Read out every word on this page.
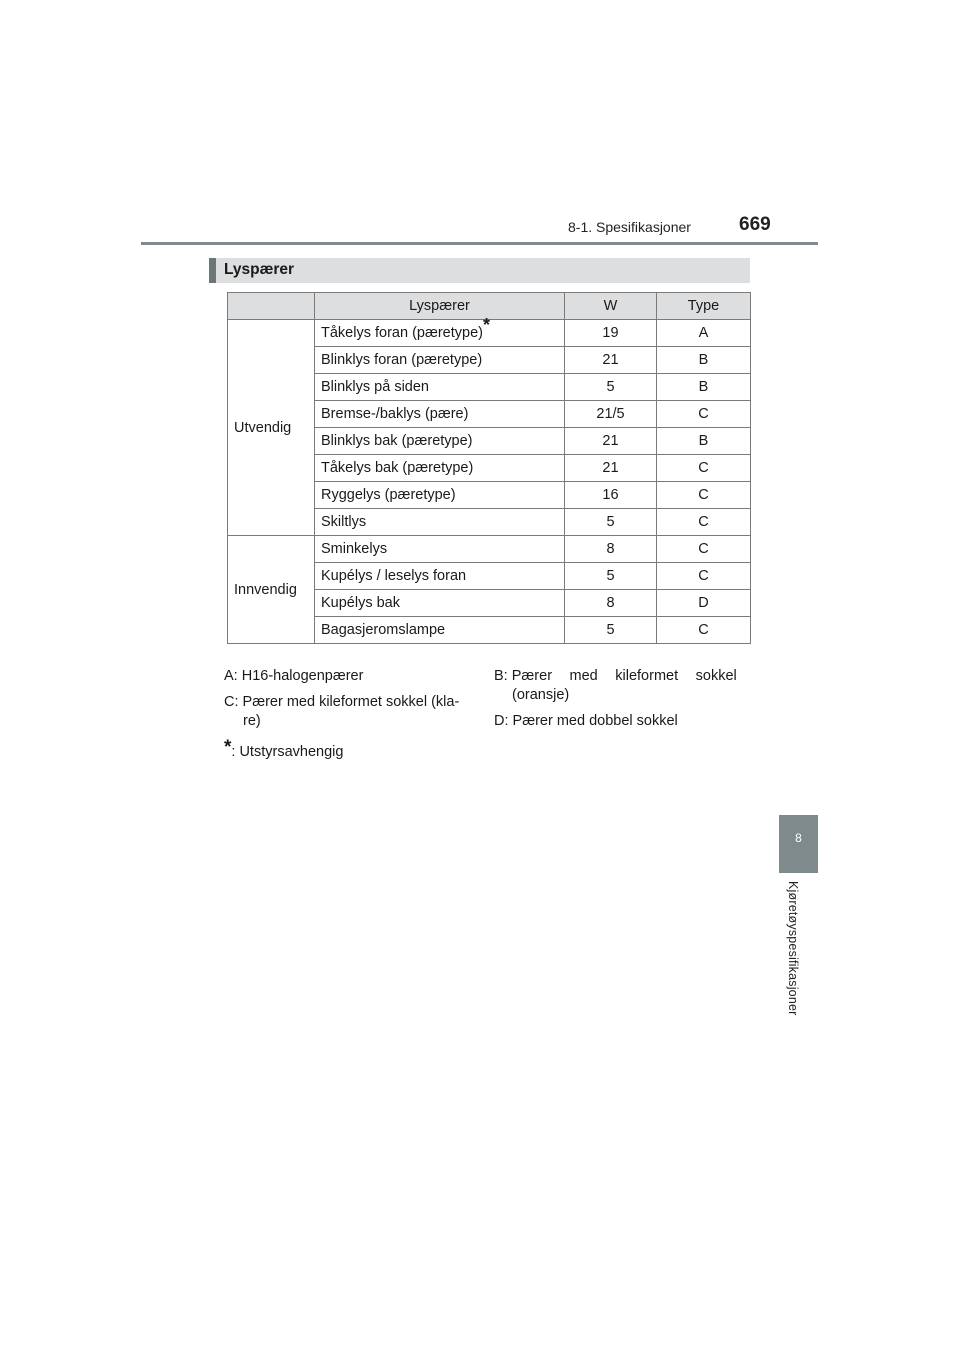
8-1. Spesifikasjoner	669
Lyspærer
	Lyspærer	W	Type
Utvendig	Tåkelys foran (pæretype)*	19	A
	Blinklys foran (pæretype)	21	B
	Blinklys på siden	5	B
	Bremse-/baklys (pære)	21/5	C
	Blinklys bak (pæretype)	21	B
	Tåkelys bak (pæretype)	21	C
	Ryggelys (pæretype)	16	C
	Skiltlys	5	C
Innvendig	Sminkelys	8	C
	Kupélys / leselys foran	5	C
	Kupélys bak	8	D
	Bagasjeromslampe	5	C
A: H16-halogenpærer
C: Pærer med kileformet sokkel (kla-
re)
*: Utstyrsavhengig
B: Pærer med kileformet sokkel
(oransje)
D: Pærer med dobbel sokkel
8
Kjøretøyspesifikasjoner
